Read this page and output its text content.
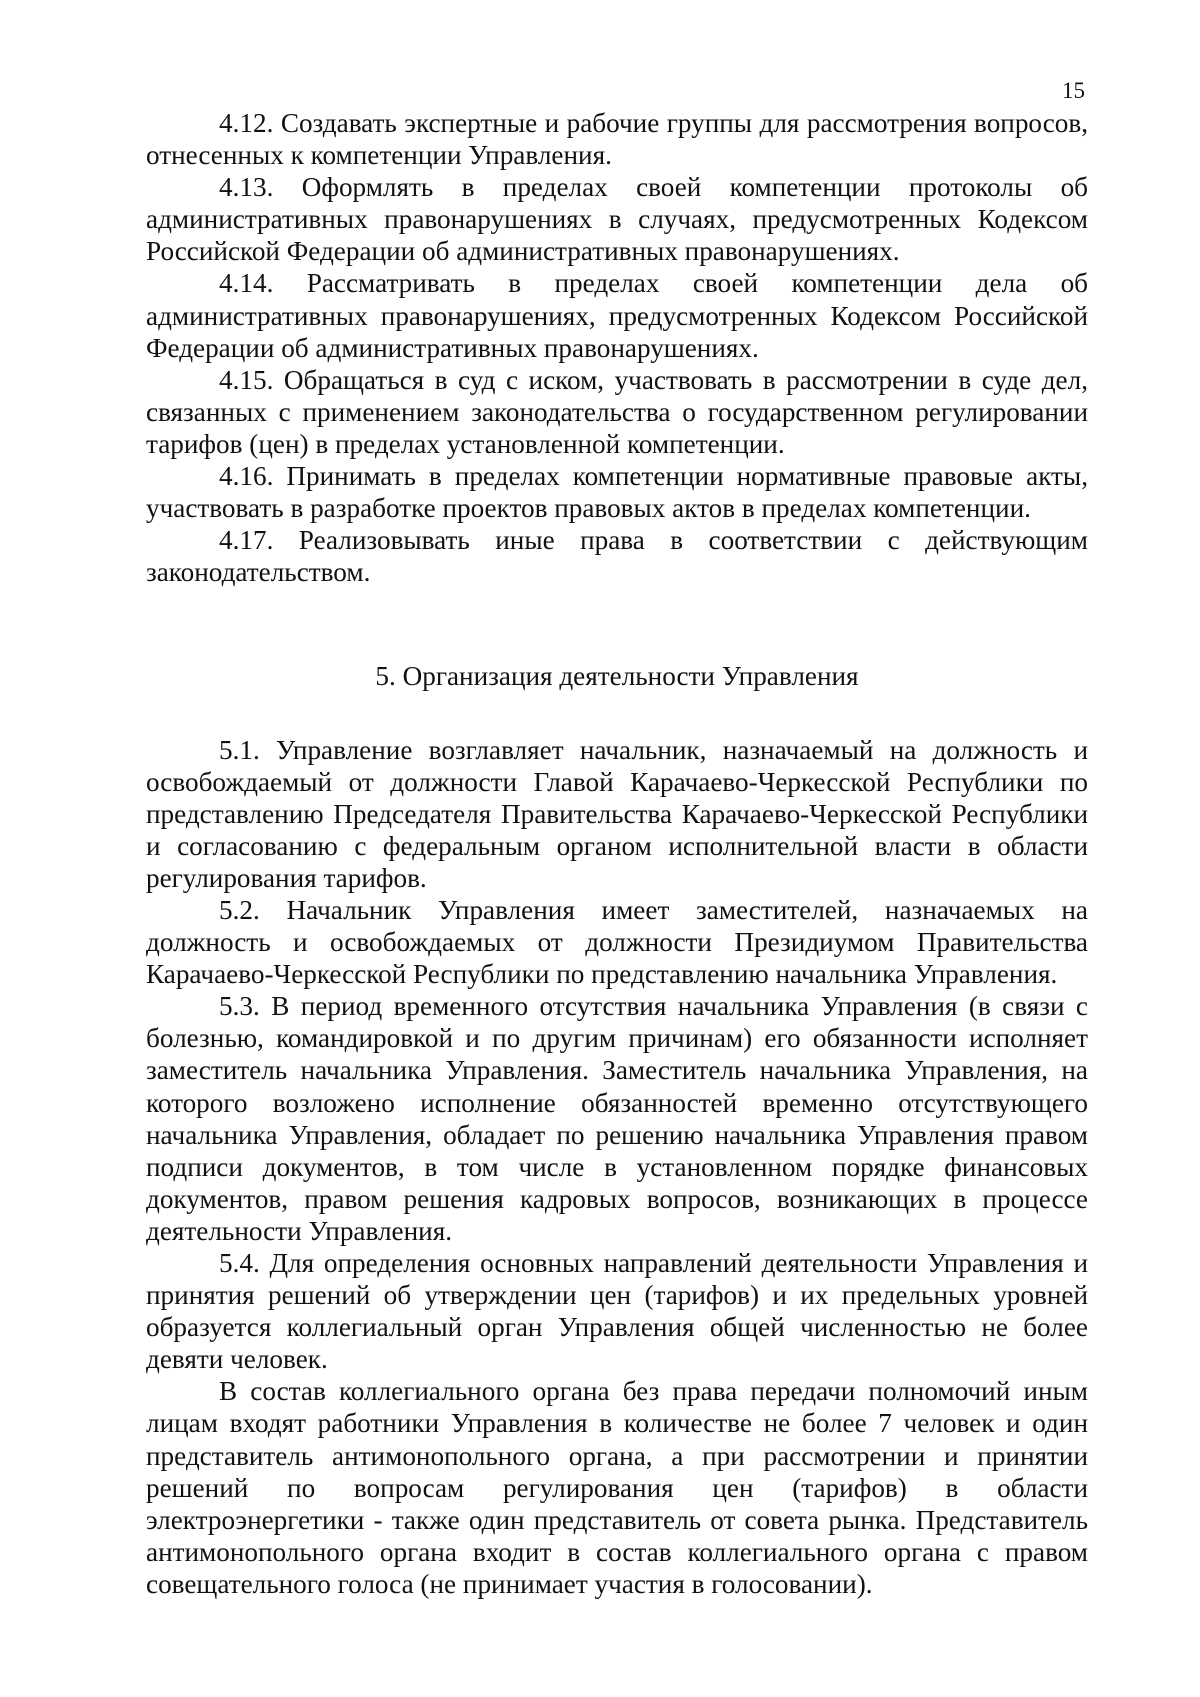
15

4.12. Создавать экспертные и рабочие группы для рассмотрения вопросов, отнесенных к компетенции Управления.

4.13. Оформлять в пределах своей компетенции протоколы об административных правонарушениях в случаях, предусмотренных Кодексом Российской Федерации об административных правонарушениях.

4.14. Рассматривать в пределах своей компетенции дела об административных правонарушениях, предусмотренных Кодексом Российской Федерации об административных правонарушениях.

4.15. Обращаться в суд с иском, участвовать в рассмотрении в суде дел, связанных с применением законодательства о государственном регулировании тарифов (цен) в пределах установленной компетенции.

4.16. Принимать в пределах компетенции нормативные правовые акты, участвовать в разработке проектов правовых актов в пределах компетенции.

4.17. Реализовывать иные права в соответствии с действующим законодательством.

5. Организация деятельности Управления

5.1. Управление возглавляет начальник, назначаемый на должность и освобождаемый от должности Главой Карачаево-Черкесской Республики по представлению Председателя Правительства Карачаево-Черкесской Республики и согласованию с федеральным органом исполнительной власти в области регулирования тарифов.

5.2. Начальник Управления имеет заместителей, назначаемых на должность и освобождаемых от должности Президиумом Правительства Карачаево-Черкесской Республики по представлению начальника Управления.

5.3. В период временного отсутствия начальника Управления (в связи с болезнью, командировкой и по другим причинам) его обязанности исполняет заместитель начальника Управления. Заместитель начальника Управления, на которого возложено исполнение обязанностей временно отсутствующего начальника Управления, обладает по решению начальника Управления правом подписи документов, в том числе в установленном порядке финансовых документов, правом решения кадровых вопросов, возникающих в процессе деятельности Управления.

5.4. Для определения основных направлений деятельности Управления и принятия решений об утверждении цен (тарифов) и их предельных уровней образуется коллегиальный орган Управления общей численностью не более девяти человек.

В состав коллегиального органа без права передачи полномочий иным лицам входят работники Управления в количестве не более 7 человек и один представитель антимонопольного органа, а при рассмотрении и принятии решений по вопросам регулирования цен (тарифов) в области электроэнергетики - также один представитель от совета рынка. Представитель антимонопольного органа входит в состав коллегиального органа с правом совещательного голоса (не принимает участия в голосовании).
